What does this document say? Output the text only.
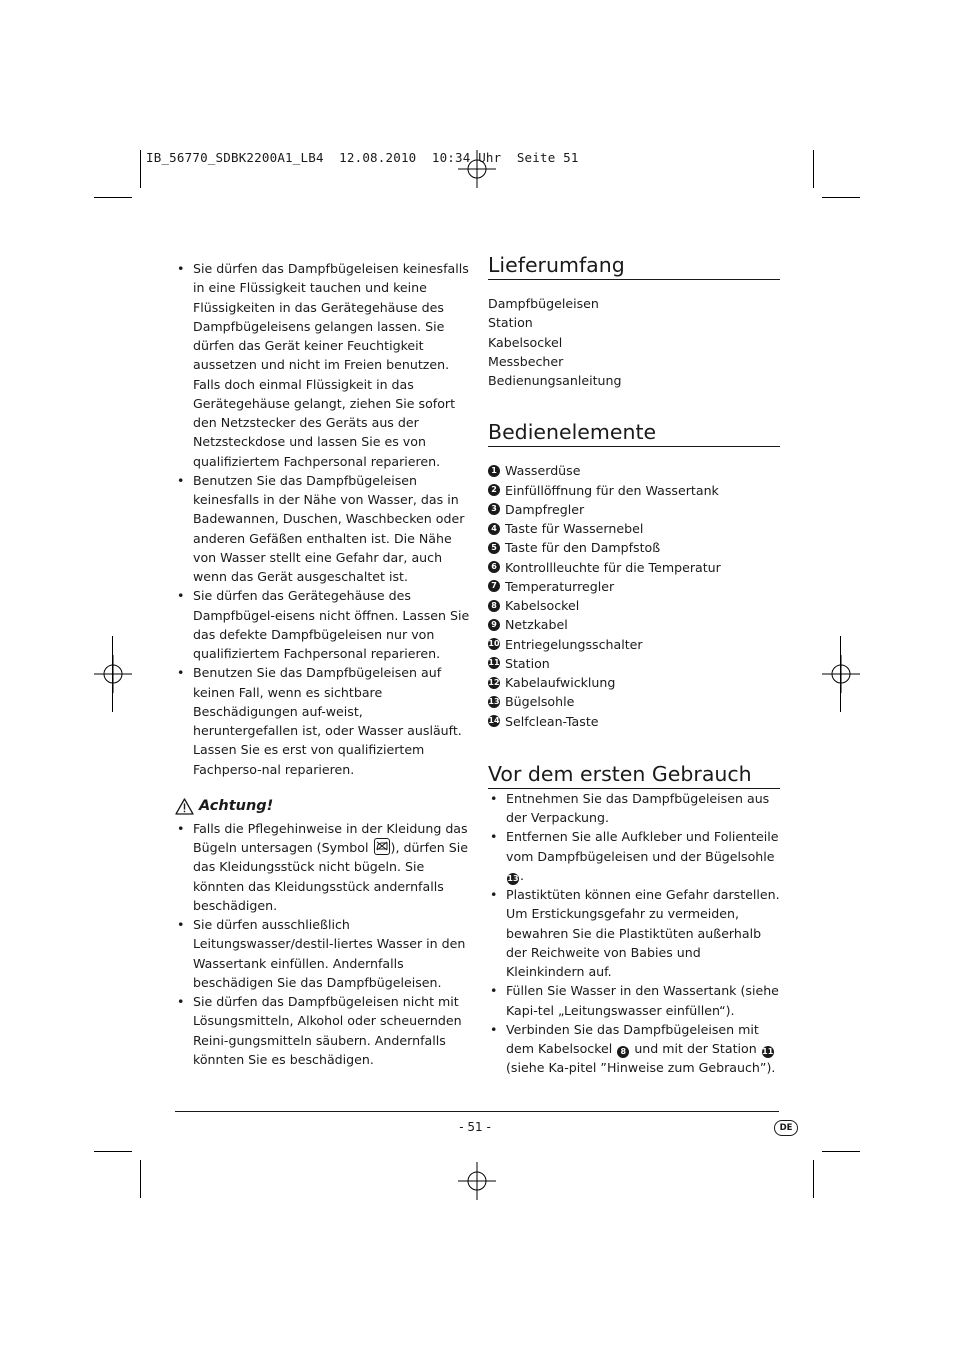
IB_56770_SDBK2200A1_LB4  12.08.2010  10:34 Uhr  Seite 51
• Sie dürfen das Dampfbügeleisen keinesfalls in eine Flüssigkeit tauchen und keine Flüssigkeiten in das Gerätegehäuse des Dampfbügeleisens gelangen lassen. Sie dürfen das Gerät keiner Feuchtigkeit aussetzen und nicht im Freien benutzen. Falls doch einmal Flüssigkeit in das Gerätegehäuse gelangt, ziehen Sie sofort den Netzstecker des Geräts aus der Netzsteckdose und lassen Sie es von qualifiziertem Fachpersonal reparieren.
• Benutzen Sie das Dampfbügeleisen keinesfalls in der Nähe von Wasser, das in Badewannen, Duschen, Waschbecken oder anderen Gefäßen enthalten ist. Die Nähe von Wasser stellt eine Gefahr dar, auch wenn das Gerät ausgeschaltet ist.
• Sie dürfen das Gerätegehäuse des Dampfbügel-eisens nicht öffnen. Lassen Sie das defekte Dampfbügeleisen nur von qualifiziertem Fachpersonal reparieren.
• Benutzen Sie das Dampfbügeleisen auf keinen Fall, wenn es sichtbare Beschädigungen auf-weist, heruntergefallen ist, oder Wasser ausläuft. Lassen Sie es erst von qualifiziertem Fachperso-nal reparieren.
Achtung!
• Falls die Pflegehinweise in der Kleidung das Bügeln untersagen (Symbol ), dürfen Sie das Kleidungsstück nicht bügeln. Sie könnten das Kleidungsstück andernfalls beschädigen.
• Sie dürfen ausschließlich Leitungswasser/destil-liertes Wasser in den Wassertank einfüllen. Andernfalls beschädigen Sie das Dampfbügeleisen.
• Sie dürfen das Dampfbügeleisen nicht mit Lösungsmitteln, Alkohol oder scheuernden Reini-gungsmitteln säubern. Andernfalls könnten Sie es beschädigen.
Lieferumfang
Dampfbügeleisen
Station
Kabelsockel
Messbecher
Bedienungsanleitung
Bedienelemente
1 Wasserdüse
2 Einfüllöffnung für den Wassertank
3 Dampfregler
4 Taste für Wassernebel
5 Taste für den Dampfstoß
6 Kontrollleuchte für die Temperatur
7 Temperaturregler
8 Kabelsockel
9 Netzkabel
10 Entriegelungsschalter
11 Station
12 Kabelaufwicklung
13 Bügelsohle
14 Selfclean-Taste
Vor dem ersten Gebrauch
• Entnehmen Sie das Dampfbügeleisen aus der Verpackung.
• Entfernen Sie alle Aufkleber und Folienteile vom Dampfbügeleisen und der Bügelsohle 13.
• Plastiktüten können eine Gefahr darstellen. Um Erstickungsgefahr zu vermeiden, bewahren Sie die Plastiktüten außerhalb der Reichweite von Babies und Kleinkindern auf.
• Füllen Sie Wasser in den Wassertank (siehe Kapi-tel „Leitungswasser einfüllen“).
• Verbinden Sie das Dampfbügeleisen mit dem Kabelsockel 8 und mit der Station 11 (siehe Ka-pitel ”Hinweise zum Gebrauch”).
- 51 -	DE
